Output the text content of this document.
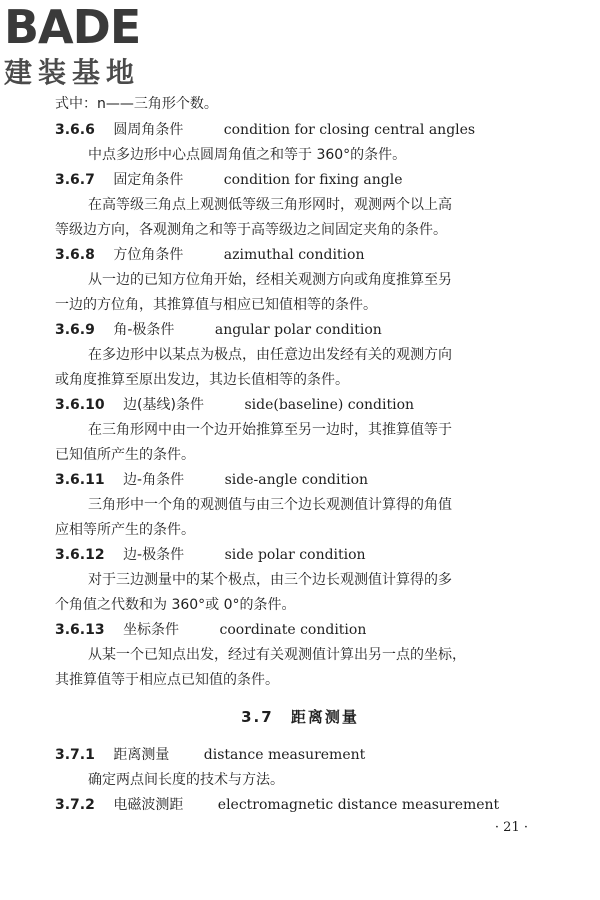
BADE
建装基地
式中：n——三角形个数。
3.6.6 圆周角条件	condition for closing central angles
中点多边形中心点圆周角值之和等于 360°的条件。
3.6.7 固定角条件	condition for fixing angle
在高等级三角点上观测低等级三角形网时，观测两个以上高
等级边方向，各观测角之和等于高等级边之间固定夹角的条件。
3.6.8 方位角条件	azimuthal condition
从一边的已知方位角开始，经相关观测方向或角度推算至另
一边的方位角，其推算值与相应已知值相等的条件。
3.6.9 角-极条件	angular polar condition
在多边形中以某点为极点，由任意边出发经有关的观测方向
或角度推算至原出发边，其边长值相等的条件。
3.6.10 边(基线)条件	side(baseline) condition
在三角形网中由一个边开始推算至另一边时，其推算值等于
已知值所产生的条件。
3.6.11 边-角条件	side-angle condition
三角形中一个角的观测值与由三个边长观测值计算得的角值
应相等所产生的条件。
3.6.12 边-极条件	side polar condition
对于三边测量中的某个极点，由三个边长观测值计算得的多
个角值之代数和为 360°或 0°的条件。
3.6.13 坐标条件	coordinate condition
从某一个已知点出发，经过有关观测值计算出另一点的坐标，
其推算值等于相应点已知值的条件。
3.7 距离测量
3.7.1 距离测量 distance measurement
确定两点间长度的技术与方法。
3.7.2 电磁波测距 electromagnetic distance measurement
· 21 ·
